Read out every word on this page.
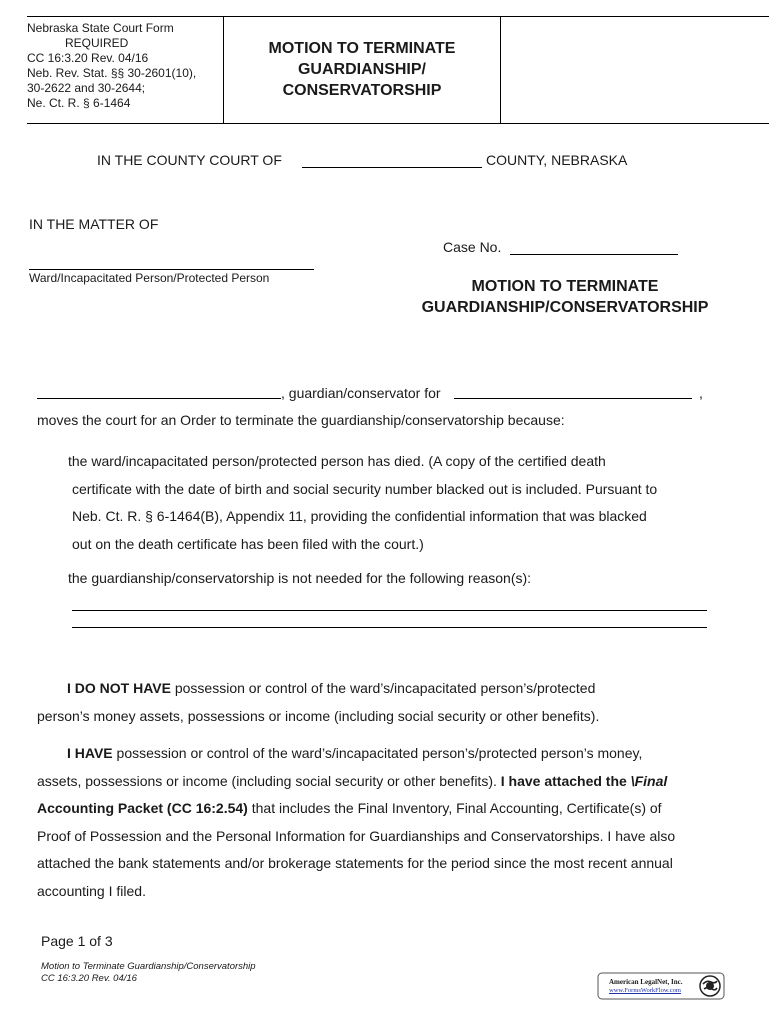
Nebraska State Court Form
REQUIRED
CC 16:3.20 Rev. 04/16
Neb. Rev. Stat. §§ 30-2601(10),
30-2622 and 30-2644;
Ne. Ct. R. § 6-1464
MOTION TO TERMINATE
GUARDIANSHIP/
CONSERVATORSHIP
IN THE COUNTY COURT OF	COUNTY, NEBRASKA
IN THE MATTER OF
Case No.
Ward/Incapacitated Person/Protected Person	MOTION TO TERMINATE
GUARDIANSHIP/CONSERVATORSHIP
, guardian/conservator for	,
moves the court for an Order to terminate the guardianship/conservatorship because:
the ward/incapacitated person/protected person has died. (A copy of the certified death
certificate with the date of birth and social security number blacked out is included. Pursuant to
Neb. Ct. R. § 6-1464(B), Appendix 11, providing the confidential information that was blacked
out on the death certificate has been filed with the court.)
the guardianship/conservatorship is not needed for the following reason(s):
I DO NOT HAVE possession or control of the ward’s/incapacitated person’s/protected
person’s money assets, possessions or income (including social security or other benefits).
I HAVE possession or control of the ward’s/incapacitated person’s/protected person’s money,
assets, possessions or income (including social security or other benefits). I have attached the \Final
Accounting Packet (CC 16:2.54) that includes the Final Inventory, Final Accounting, Certificate(s) of
Proof of Possession and the Personal Information for Guardianships and Conservatorships. I have also
attached the bank statements and/or brokerage statements for the period since the most recent annual
accounting I filed.
Page 1 of 3
Motion to Terminate Guardianship/Conservatorship
CC 16:3.20 Rev. 04/16	American LegalNet, Inc.
www.FormsWorkFlow.com
